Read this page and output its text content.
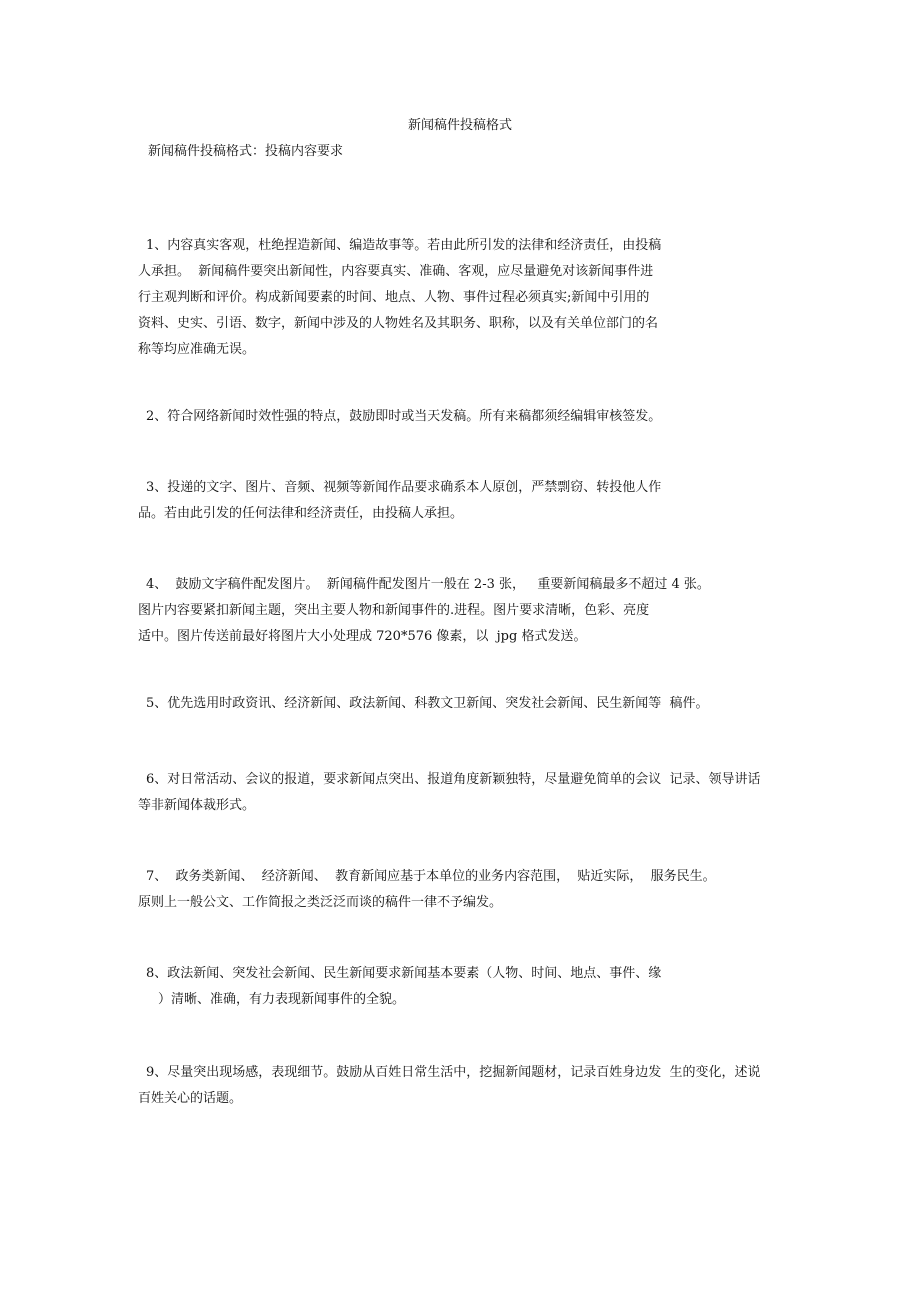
新闻稿件投稿格式
新闻稿件投稿格式：投稿内容要求
1、内容真实客观，杜绝捏造新闻、编造故事等。若由此所引发的法律和经济责任，由投稿
人承担。  新闻稿件要突出新闻性，内容要真实、准确、客观，应尽量避免对该新闻事件进
行主观判断和评价。构成新闻要素的时间、地点、人物、事件过程必须真实;新闻中引用的
资料、史实、引语、数字，新闻中涉及的人物姓名及其职务、职称，以及有关单位部门的名
称等均应准确无误。
2、符合网络新闻时效性强的特点，鼓励即时或当天发稿。所有来稿都须经编辑审核签发。
3、投递的文字、图片、音频、视频等新闻作品要求确系本人原创，严禁剽窃、转投他人作
品。若由此引发的任何法律和经济责任，由投稿人承担。
4、  鼓励文字稿件配发图片。  新闻稿件配发图片一般在 2-3 张，   重要新闻稿最多不超过 4 张。
图片内容要紧扣新闻主题，突出主要人物和新闻事件的.进程。图片要求清晰，色彩、亮度
适中。图片传送前最好将图片大小处理成 720*576 像素，以  jpg 格式发送。
5、优先选用时政资讯、经济新闻、政法新闻、科教文卫新闻、突发社会新闻、民生新闻等  稿件。
6、对日常活动、会议的报道，要求新闻点突出、报道角度新颖独特，尽量避免简单的会议  记录、领导讲话
等非新闻体裁形式。
7、  政务类新闻、  经济新闻、  教育新闻应基于本单位的业务内容范围，  贴近实际，  服务民生。
原则上一般公文、工作简报之类泛泛而谈的稿件一律不予编发。
8、政法新闻、突发社会新闻、民生新闻要求新闻基本要素（人物、时间、地点、事件、缘
）清晰、准确，有力表现新闻事件的全貌。
9、尽量突出现场感，表现细节。鼓励从百姓日常生活中，挖掘新闻题材，记录百姓身边发  生的变化，述说
百姓关心的话题。
